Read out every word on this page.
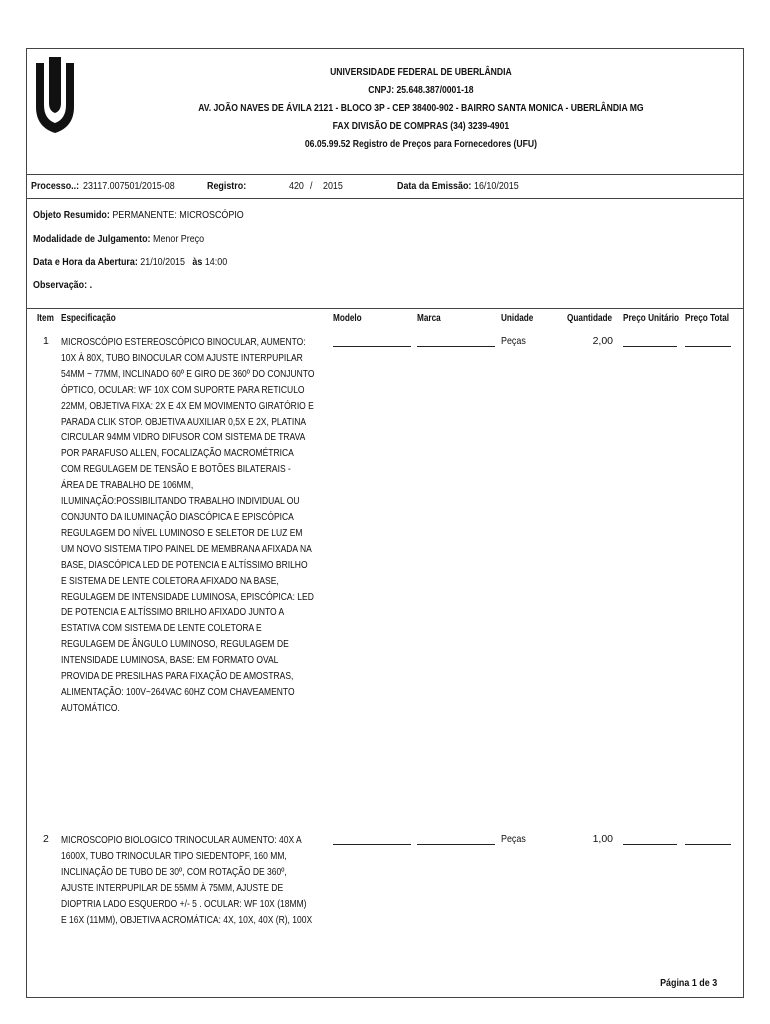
UNIVERSIDADE FEDERAL DE UBERLÂNDIA
CNPJ: 25.648.387/0001-18
AV. JOÃO NAVES DE ÁVILA 2121 - BLOCO 3P - CEP 38400-902 - BAIRRO SANTA MONICA - UBERLÂNDIA MG
FAX DIVISÃO DE COMPRAS (34) 3239-4901
06.05.99.52 Registro de Preços para Fornecedores (UFU)
Processo..: 23117.007501/2015-08	Registro:	420 / 2015	Data da Emissão: 16/10/2015
Objeto Resumido: PERMANENTE: MICROSCÓPIO
Modalidade de Julgamento: Menor Preço
Data e Hora da Abertura: 21/10/2015 às 14:00
Observação: .
Item Especificação	Modelo	Marca	Unidade	Quantidade Preço Unitário Preço Total
1 MICROSCÓPIO ESTEREOSCÓPICO BINOCULAR, AUMENTO:
10X À 80X, TUBO BINOCULAR COM AJUSTE INTERPUPILAR
54MM ~ 77MM, INCLINADO 60º E GIRO DE 360º DO CONJUNTO
ÓPTICO, OCULAR: WF 10X COM SUPORTE PARA RETICULO
22MM, OBJETIVA FIXA: 2X E 4X EM MOVIMENTO GIRATÓRIO E
PARADA CLIK STOP. OBJETIVA AUXILIAR 0,5X E 2X, PLATINA
CIRCULAR 94MM VIDRO DIFUSOR COM SISTEMA DE TRAVA
POR PARAFUSO ALLEN, FOCALIZAÇÃO MACROMÉTRICA
COM REGULAGEM DE TENSÃO E BOTÕES BILATERAIS -
ÁREA DE TRABALHO DE 106MM,
ILUMINAÇÃO:POSSIBILITANDO TRABALHO INDIVIDUAL OU
CONJUNTO DA ILUMINAÇÃO DIASCÓPICA E EPISCÓPICA
REGULAGEM DO NÍVEL LUMINOSO E SELETOR DE LUZ EM
UM NOVO SISTEMA TIPO PAINEL DE MEMBRANA AFIXADA NA
BASE, DIASCÓPICA LED DE POTENCIA E ALTÍSSIMO BRILHO
E SISTEMA DE LENTE COLETORA AFIXADO NA BASE,
REGULAGEM DE INTENSIDADE LUMINOSA, EPISCÓPICA: LED
DE POTENCIA E ALTÍSSIMO BRILHO AFIXADO JUNTO A
ESTATIVA COM SISTEMA DE LENTE COLETORA E
REGULAGEM DE ÂNGULO LUMINOSO, REGULAGEM DE
INTENSIDADE LUMINOSA, BASE: EM FORMATO OVAL
PROVIDA DE PRESILHAS PARA FIXAÇÃO DE AMOSTRAS,
ALIMENTAÇÃO: 100V~264VAC 60HZ COM CHAVEAMENTO
AUTOMÁTICO.
Peças	2,00
2 MICROSCOPIO BIOLOGICO TRINOCULAR AUMENTO: 40X A
1600X, TUBO TRINOCULAR TIPO SIEDENTOPF, 160 MM,
INCLINAÇÃO DE TUBO DE 30º, COM ROTAÇÃO DE 360º,
AJUSTE INTERPUPILAR DE 55MM À 75MM, AJUSTE DE
DIOPTRIA LADO ESQUERDO +/- 5 . OCULAR: WF 10X (18MM)
E 16X (11MM), OBJETIVA ACROMÁTICA: 4X, 10X, 40X (R), 100X
Peças	1,00
Página 1 de 3
